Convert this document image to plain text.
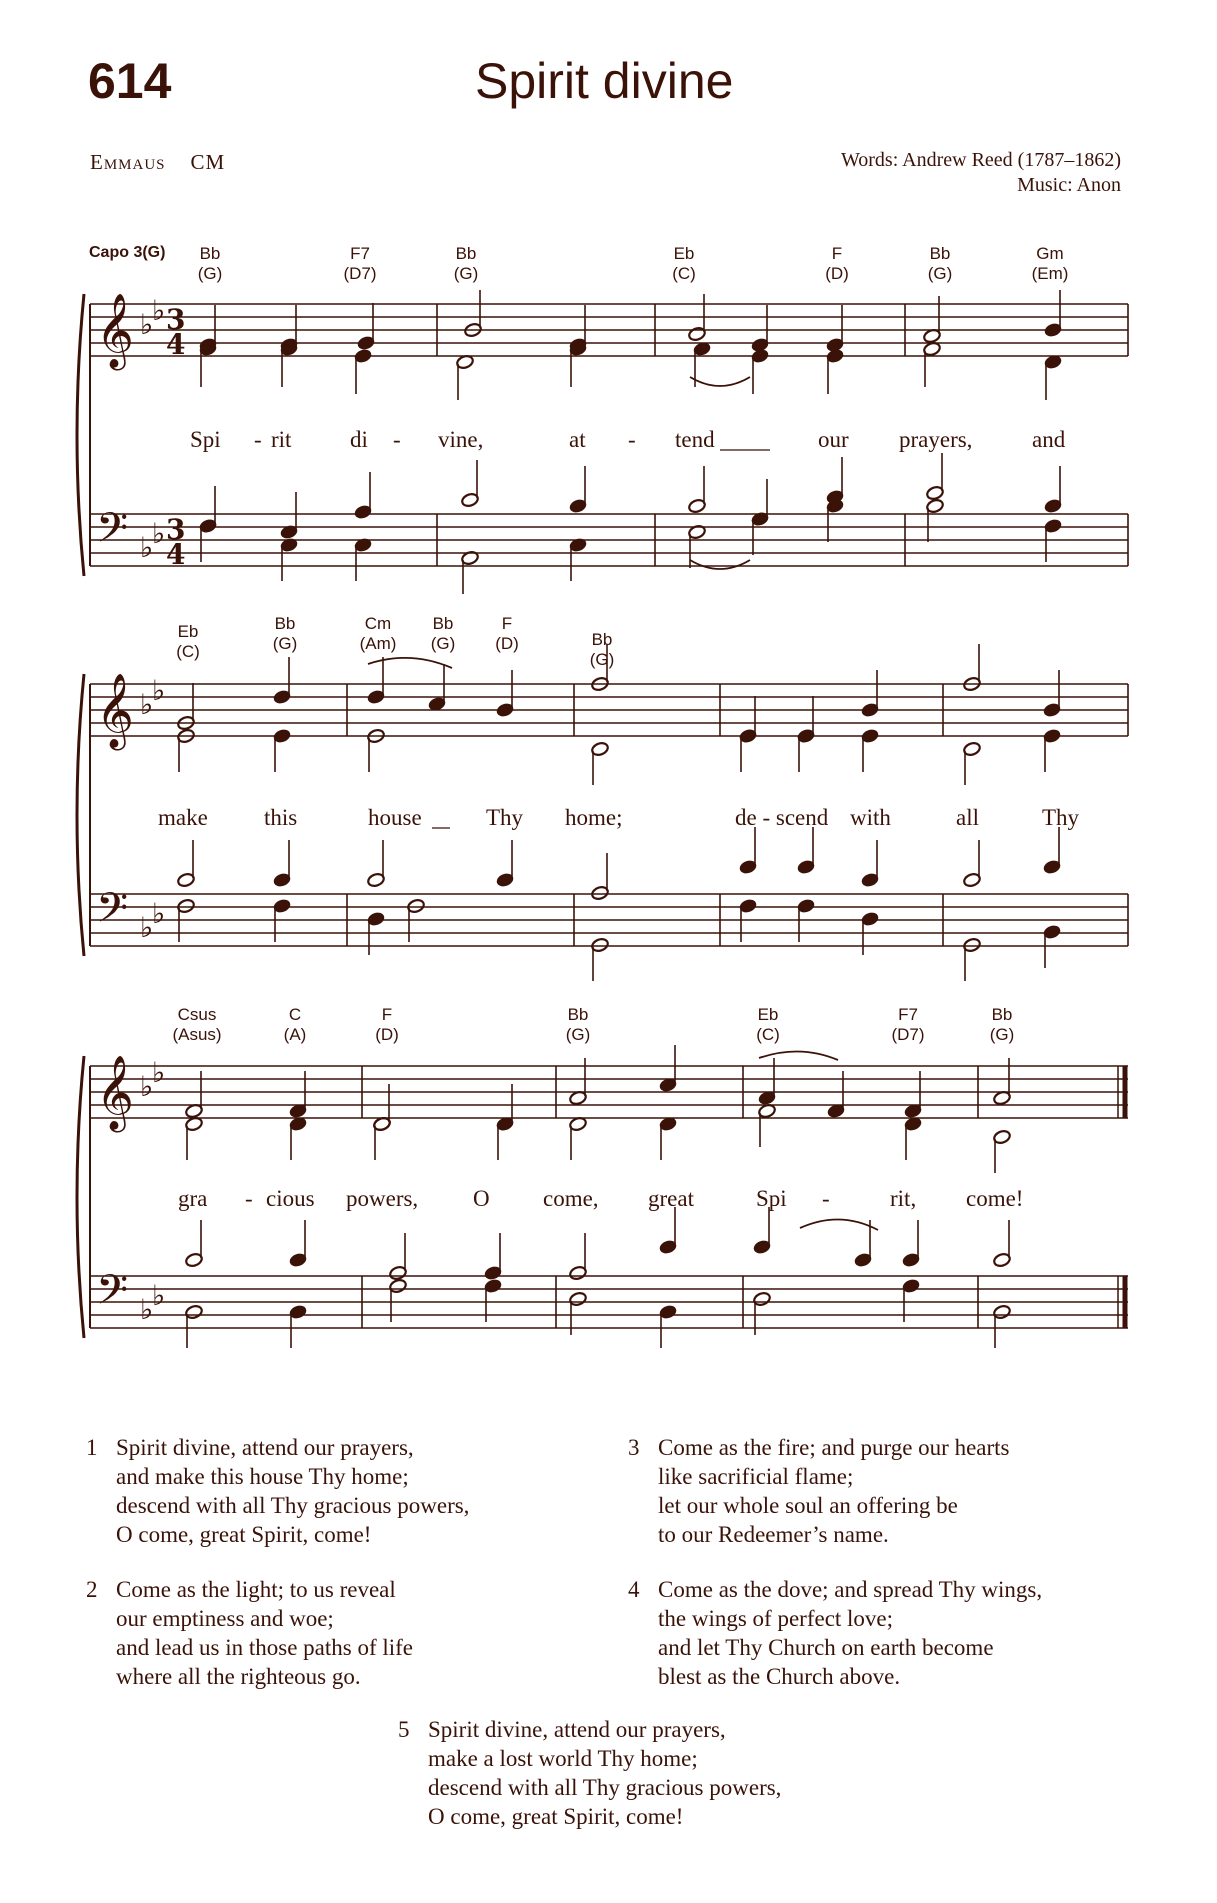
614	Spirit divine
Emmaus CM	Words: Andrew Reed (1787–1862)
Music: Anon
Capo 3(G)	Bb
(G)
F7
(D7)
Bb
(G)
Eb
(C)
F
(D)
Bb
(G)
Gm
(Em)
Eb
(C)
Bb
(G)
Cm
(Am)
Bb
(G)
F
(D)	Bb
(G)
Csus
(Asus)
C
(A)
F
(D)
Bb
(G)
Eb
(C)
F7
(D7)
Bb
(G)
𝄞
𝄢
♭
♭
♭
♭
𝄞
𝄢
♭
♭
♭
♭
𝄞
𝄢
♭
♭
♭
♭
3
3
4
4
Spi - rit	di - vine,	at - tend	our prayers,	and
make this	house	Thy home;	de - scend with	all	Thy
gra - cious powers, O come, great	Spi -	rit, come!
1 Spirit divine, attend our prayers,
and make this house Thy home;
descend with all Thy gracious powers,
O come, great Spirit, come!
2 Come as the light; to us reveal
our emptiness and woe;
and lead us in those paths of life
where all the righteous go.
3 Come as the fire; and purge our hearts
like sacrificial flame;
let our whole soul an offering be
to our Redeemer’s name.
4 Come as the dove; and spread Thy wings,
the wings of perfect love;
and let Thy Church on earth become
blest as the Church above.
5 Spirit divine, attend our prayers,
make a lost world Thy home;
descend with all Thy gracious powers,
O come, great Spirit, come!
